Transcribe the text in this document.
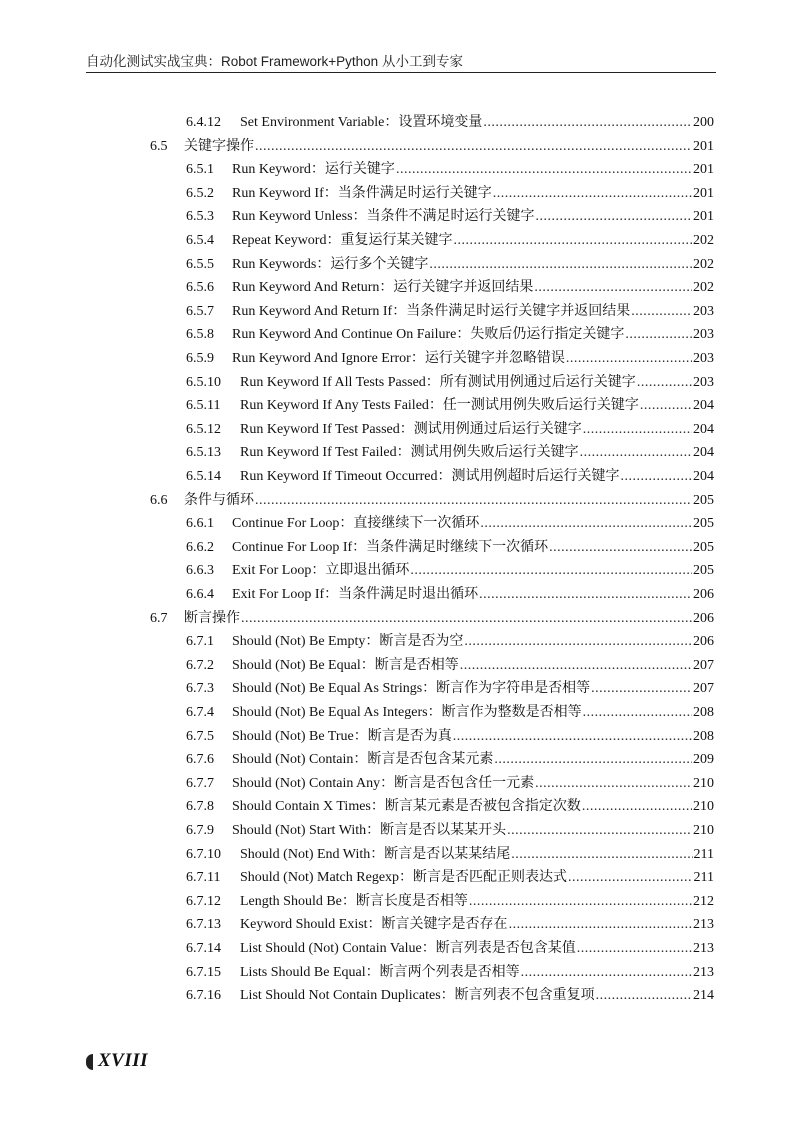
自动化测试实战宝典：Robot Framework+Python 从小工到专家
6.4.12	Set Environment Variable：设置环境变量 .....	200
6.5	关键字操作 .....	201
6.5.1	Run Keyword：运行关键字 .....	201
6.5.2	Run Keyword If：当条件满足时运行关键字 .....	201
6.5.3	Run Keyword Unless：当条件不满足时运行关键字 .....	201
6.5.4	Repeat Keyword：重复运行某关键字 .....	202
6.5.5	Run Keywords：运行多个关键字 .....	202
6.5.6	Run Keyword And Return：运行关键字并返回结果 .....	202
6.5.7	Run Keyword And Return If：当条件满足时运行关键字并返回结果 .....	203
6.5.8	Run Keyword And Continue On Failure：失败后仍运行指定关键字 .....	203
6.5.9	Run Keyword And Ignore Error：运行关键字并忽略错误 .....	203
6.5.10	Run Keyword If All Tests Passed：所有测试用例通过后运行关键字 .....	203
6.5.11	Run Keyword If Any Tests Failed：任一测试用例失败后运行关键字 .....	204
6.5.12	Run Keyword If Test Passed：测试用例通过后运行关键字 .....	204
6.5.13	Run Keyword If Test Failed：测试用例失败后运行关键字 .....	204
6.5.14	Run Keyword If Timeout Occurred：测试用例超时后运行关键字 .....	204
6.6	条件与循环 .....	205
6.6.1	Continue For Loop：直接继续下一次循环 .....	205
6.6.2	Continue For Loop If：当条件满足时继续下一次循环 .....	205
6.6.3	Exit For Loop：立即退出循环 .....	205
6.6.4	Exit For Loop If：当条件满足时退出循环 .....	206
6.7	断言操作 .....	206
6.7.1	Should (Not) Be Empty：断言是否为空 .....	206
6.7.2	Should (Not) Be Equal：断言是否相等 .....	207
6.7.3	Should (Not) Be Equal As Strings：断言作为字符串是否相等 .....	207
6.7.4	Should (Not) Be Equal As Integers：断言作为整数是否相等 .....	208
6.7.5	Should (Not) Be True：断言是否为真 .....	208
6.7.6	Should (Not) Contain：断言是否包含某元素 .....	209
6.7.7	Should (Not) Contain Any：断言是否包含任一元素 .....	210
6.7.8	Should Contain X Times：断言某元素是否被包含指定次数 .....	210
6.7.9	Should (Not) Start With：断言是否以某某开头 .....	210
6.7.10	Should (Not) End With：断言是否以某某结尾 .....	211
6.7.11	Should (Not) Match Regexp：断言是否匹配正则表达式 .....	211
6.7.12	Length Should Be：断言长度是否相等 .....	212
6.7.13	Keyword Should Exist：断言关键字是否存在 .....	213
6.7.14	List Should (Not) Contain Value：断言列表是否包含某值 .....	213
6.7.15	Lists Should Be Equal：断言两个列表是否相等 .....	213
6.7.16	List Should Not Contain Duplicates：断言列表不包含重复项 .....	214
XVIII
